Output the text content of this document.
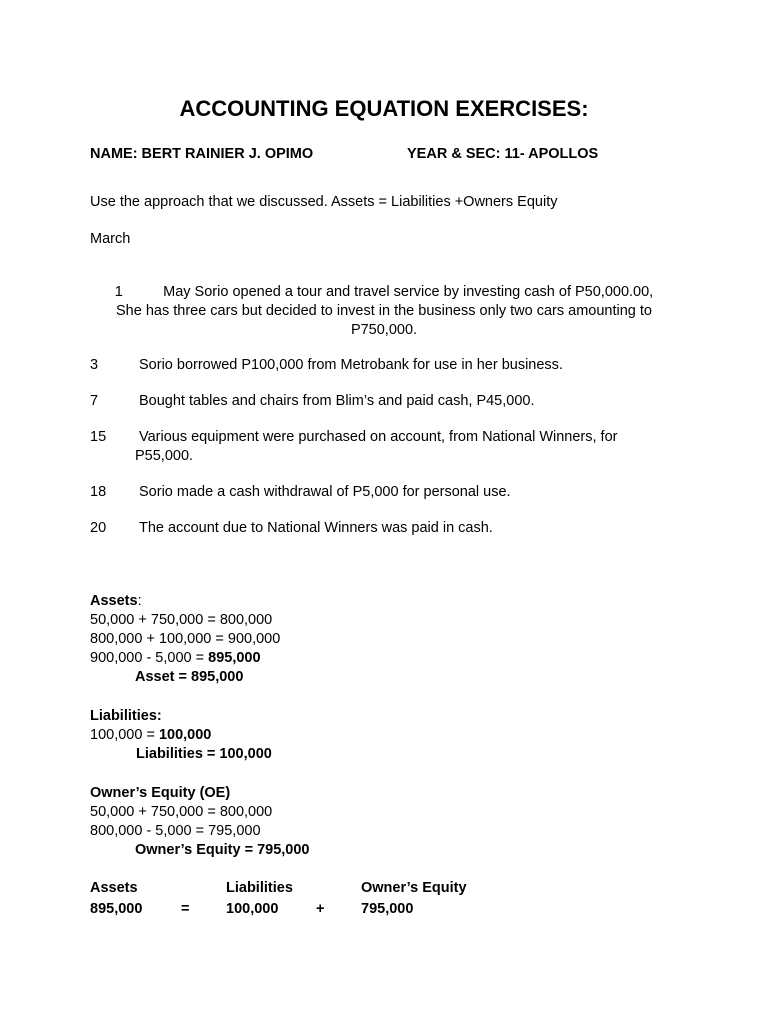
ACCOUNTING EQUATION EXERCISES:
NAME: BERT RAINIER J. OPIMO	YEAR & SEC: 11- APOLLOS
Use the approach that we discussed. Assets = Liabilities +Owners Equity
March
1	May Sorio opened a tour and travel service by investing cash of P50,000.00,
She has three cars but decided to invest in the business only two cars amounting to
P750,000.
3	Sorio borrowed P100,000 from Metrobank for use in her business.
7	Bought tables and chairs from Blim’s and paid cash, P45,000.
15 Various equipment were purchased on account, from National Winners, for
P55,000.
18 Sorio made a cash withdrawal of P5,000 for personal use.
20 The account due to National Winners was paid in cash.
Assets:
50,000 + 750,000 = 800,000
800,000 + 100,000 = 900,000
900,000 - 5,000 = 895,000
Asset = 895,000
Liabilities:
100,000 = 100,000
Liabilities = 100,000
Owner’s Equity (OE)
50,000 + 750,000 = 800,000
800,000 - 5,000 = 795,000
Owner’s Equity = 795,000
Assets	Liabilities	Owner’s Equity
895,000	=	100,000	+	795,000
